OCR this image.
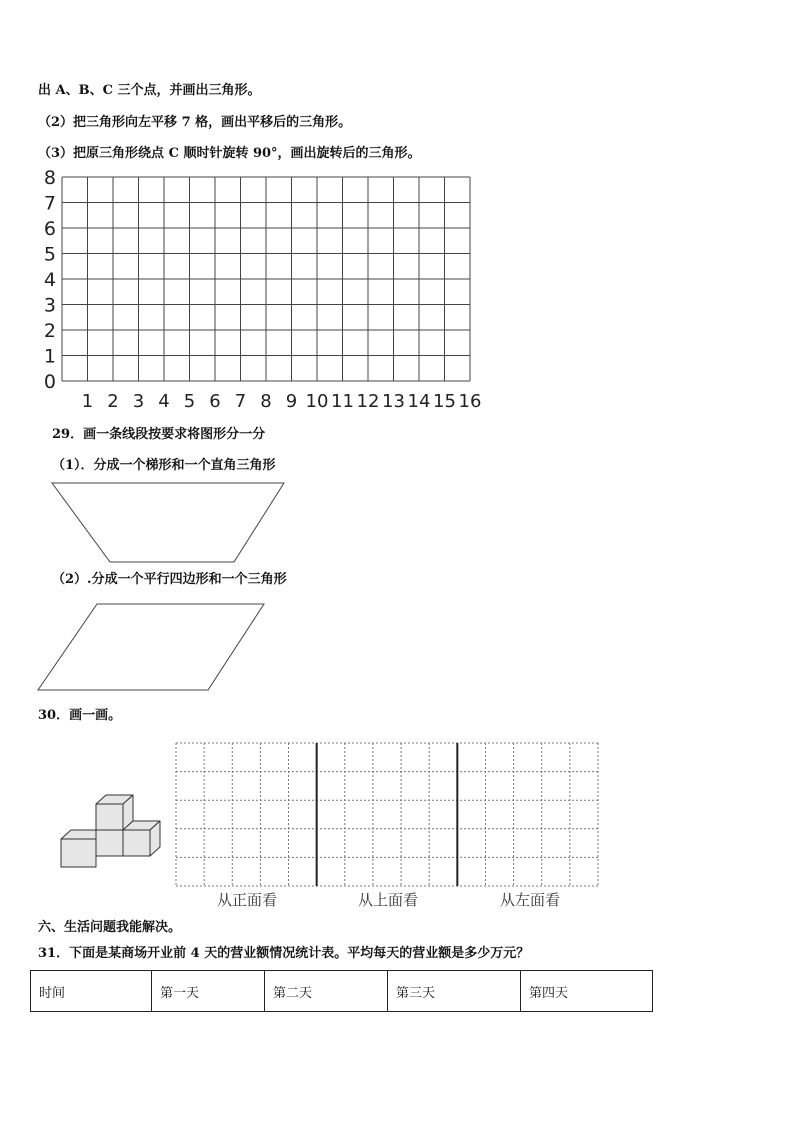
出 A、B、C 三个点，并画出三角形。
（2）把三角形向左平移 7 格，画出平移后的三角形。
（3）把原三角形绕点 C 顺时针旋转 90°，画出旋转后的三角形。
0
1
2
3
4
5
6
7
8
1 2 3 4 5 6 7 8 9 10 11 12 13 14 15 16
29．画一条线段按要求将图形分一分
（1）．分成一个梯形和一个直角三角形
（2）.分成一个平行四边形和一个三角形
30．画一画。
从正面看	从上面看	从左面看
六、生活问题我能解决。
31．下面是某商场开业前 4 天的营业额情况统计表。平均每天的营业额是多少万元？
时间	第一天	第二天	第三天	第四天
